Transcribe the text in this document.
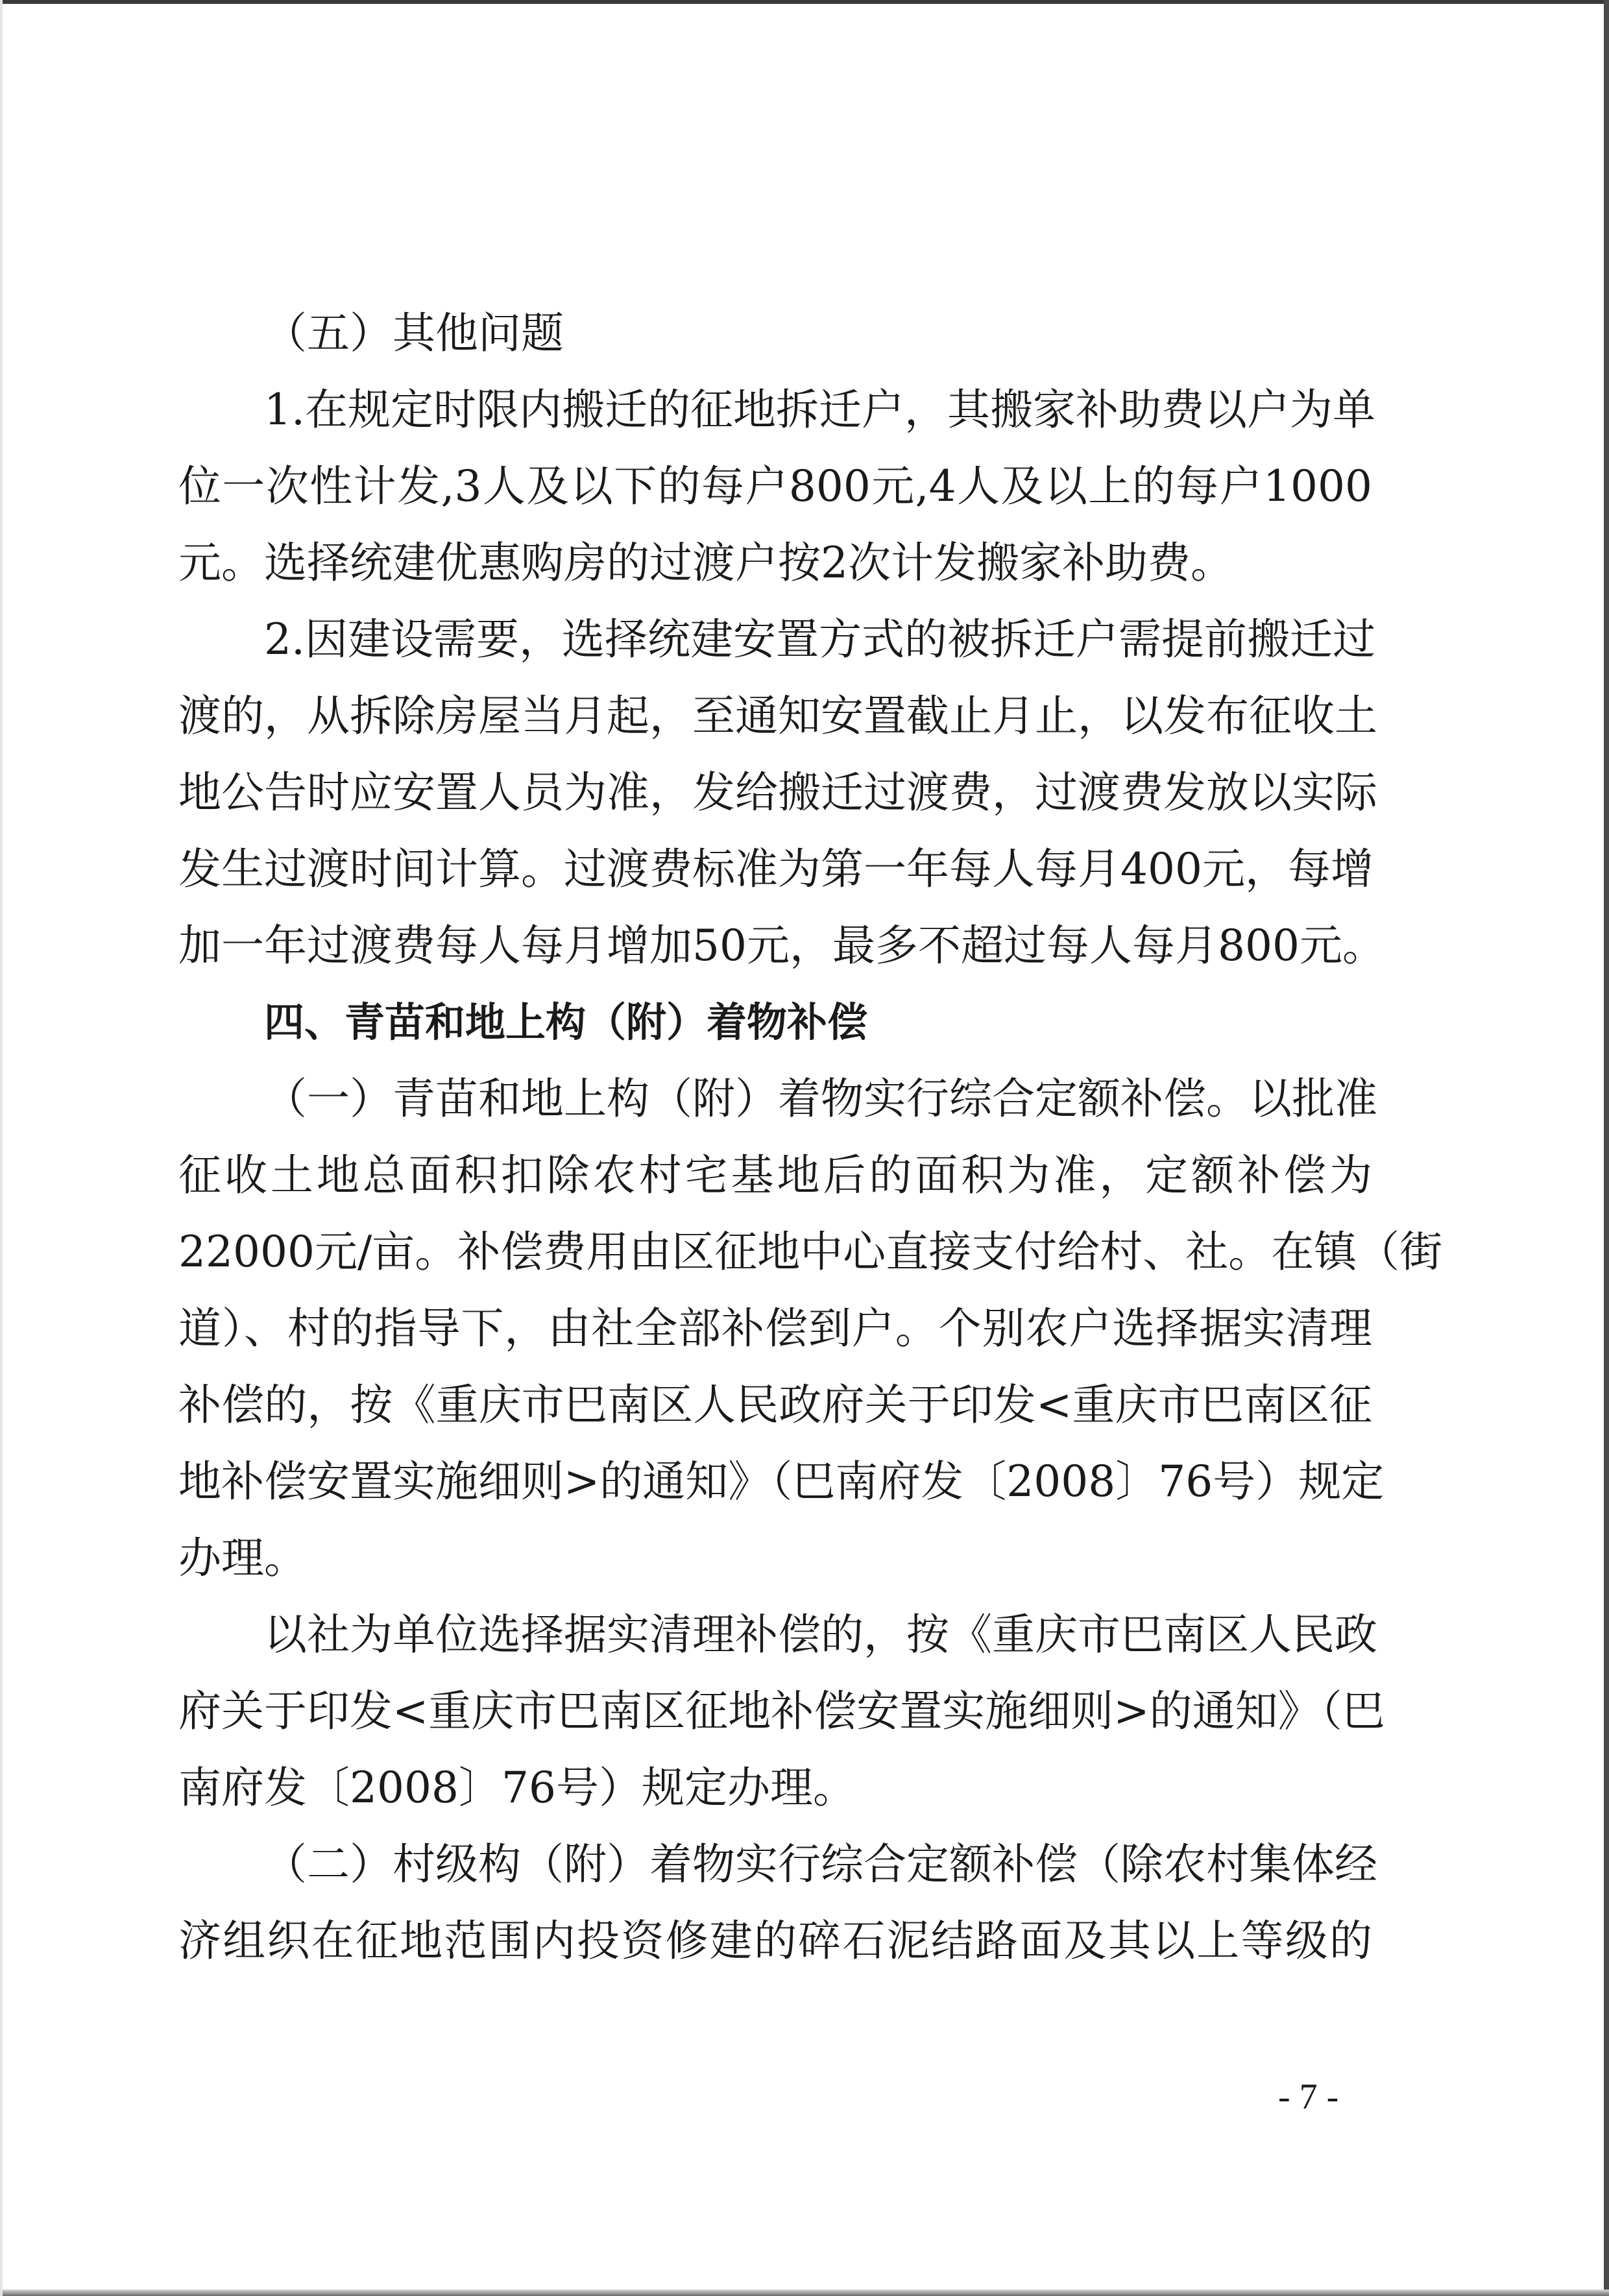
（五）其他问题

1.在规定时限内搬迁的征地拆迁户，其搬家补助费以户为单

位一次性计发,3人及以下的每户800元,4人及以上的每户1000

元。选择统建优惠购房的过渡户按2次计发搬家补助费。

2.因建设需要，选择统建安置方式的被拆迁户需提前搬迁过

渡的，从拆除房屋当月起，至通知安置截止月止，以发布征收土

地公告时应安置人员为准，发给搬迁过渡费，过渡费发放以实际

发生过渡时间计算。过渡费标准为第一年每人每月400元，每增

加一年过渡费每人每月增加50元，最多不超过每人每月800元。

四、青苗和地上构（附）着物补偿

（一）青苗和地上构（附）着物实行综合定额补偿。以批准

征收土地总面积扣除农村宅基地后的面积为准，定额补偿为

22000元/亩。补偿费用由区征地中心直接支付给村、社。在镇（街

道）、村的指导下，由社全部补偿到户。个别农户选择据实清理

补偿的，按《重庆市巴南区人民政府关于印发<重庆市巴南区征

地补偿安置实施细则>的通知》（巴南府发〔2008〕76号）规定

办理。

以社为单位选择据实清理补偿的，按《重庆市巴南区人民政

府关于印发<重庆市巴南区征地补偿安置实施细则>的通知》（巴

南府发〔2008〕76号）规定办理。

（二）村级构（附）着物实行综合定额补偿（除农村集体经

济组织在征地范围内投资修建的碎石泥结路面及其以上等级的

- 7 -
